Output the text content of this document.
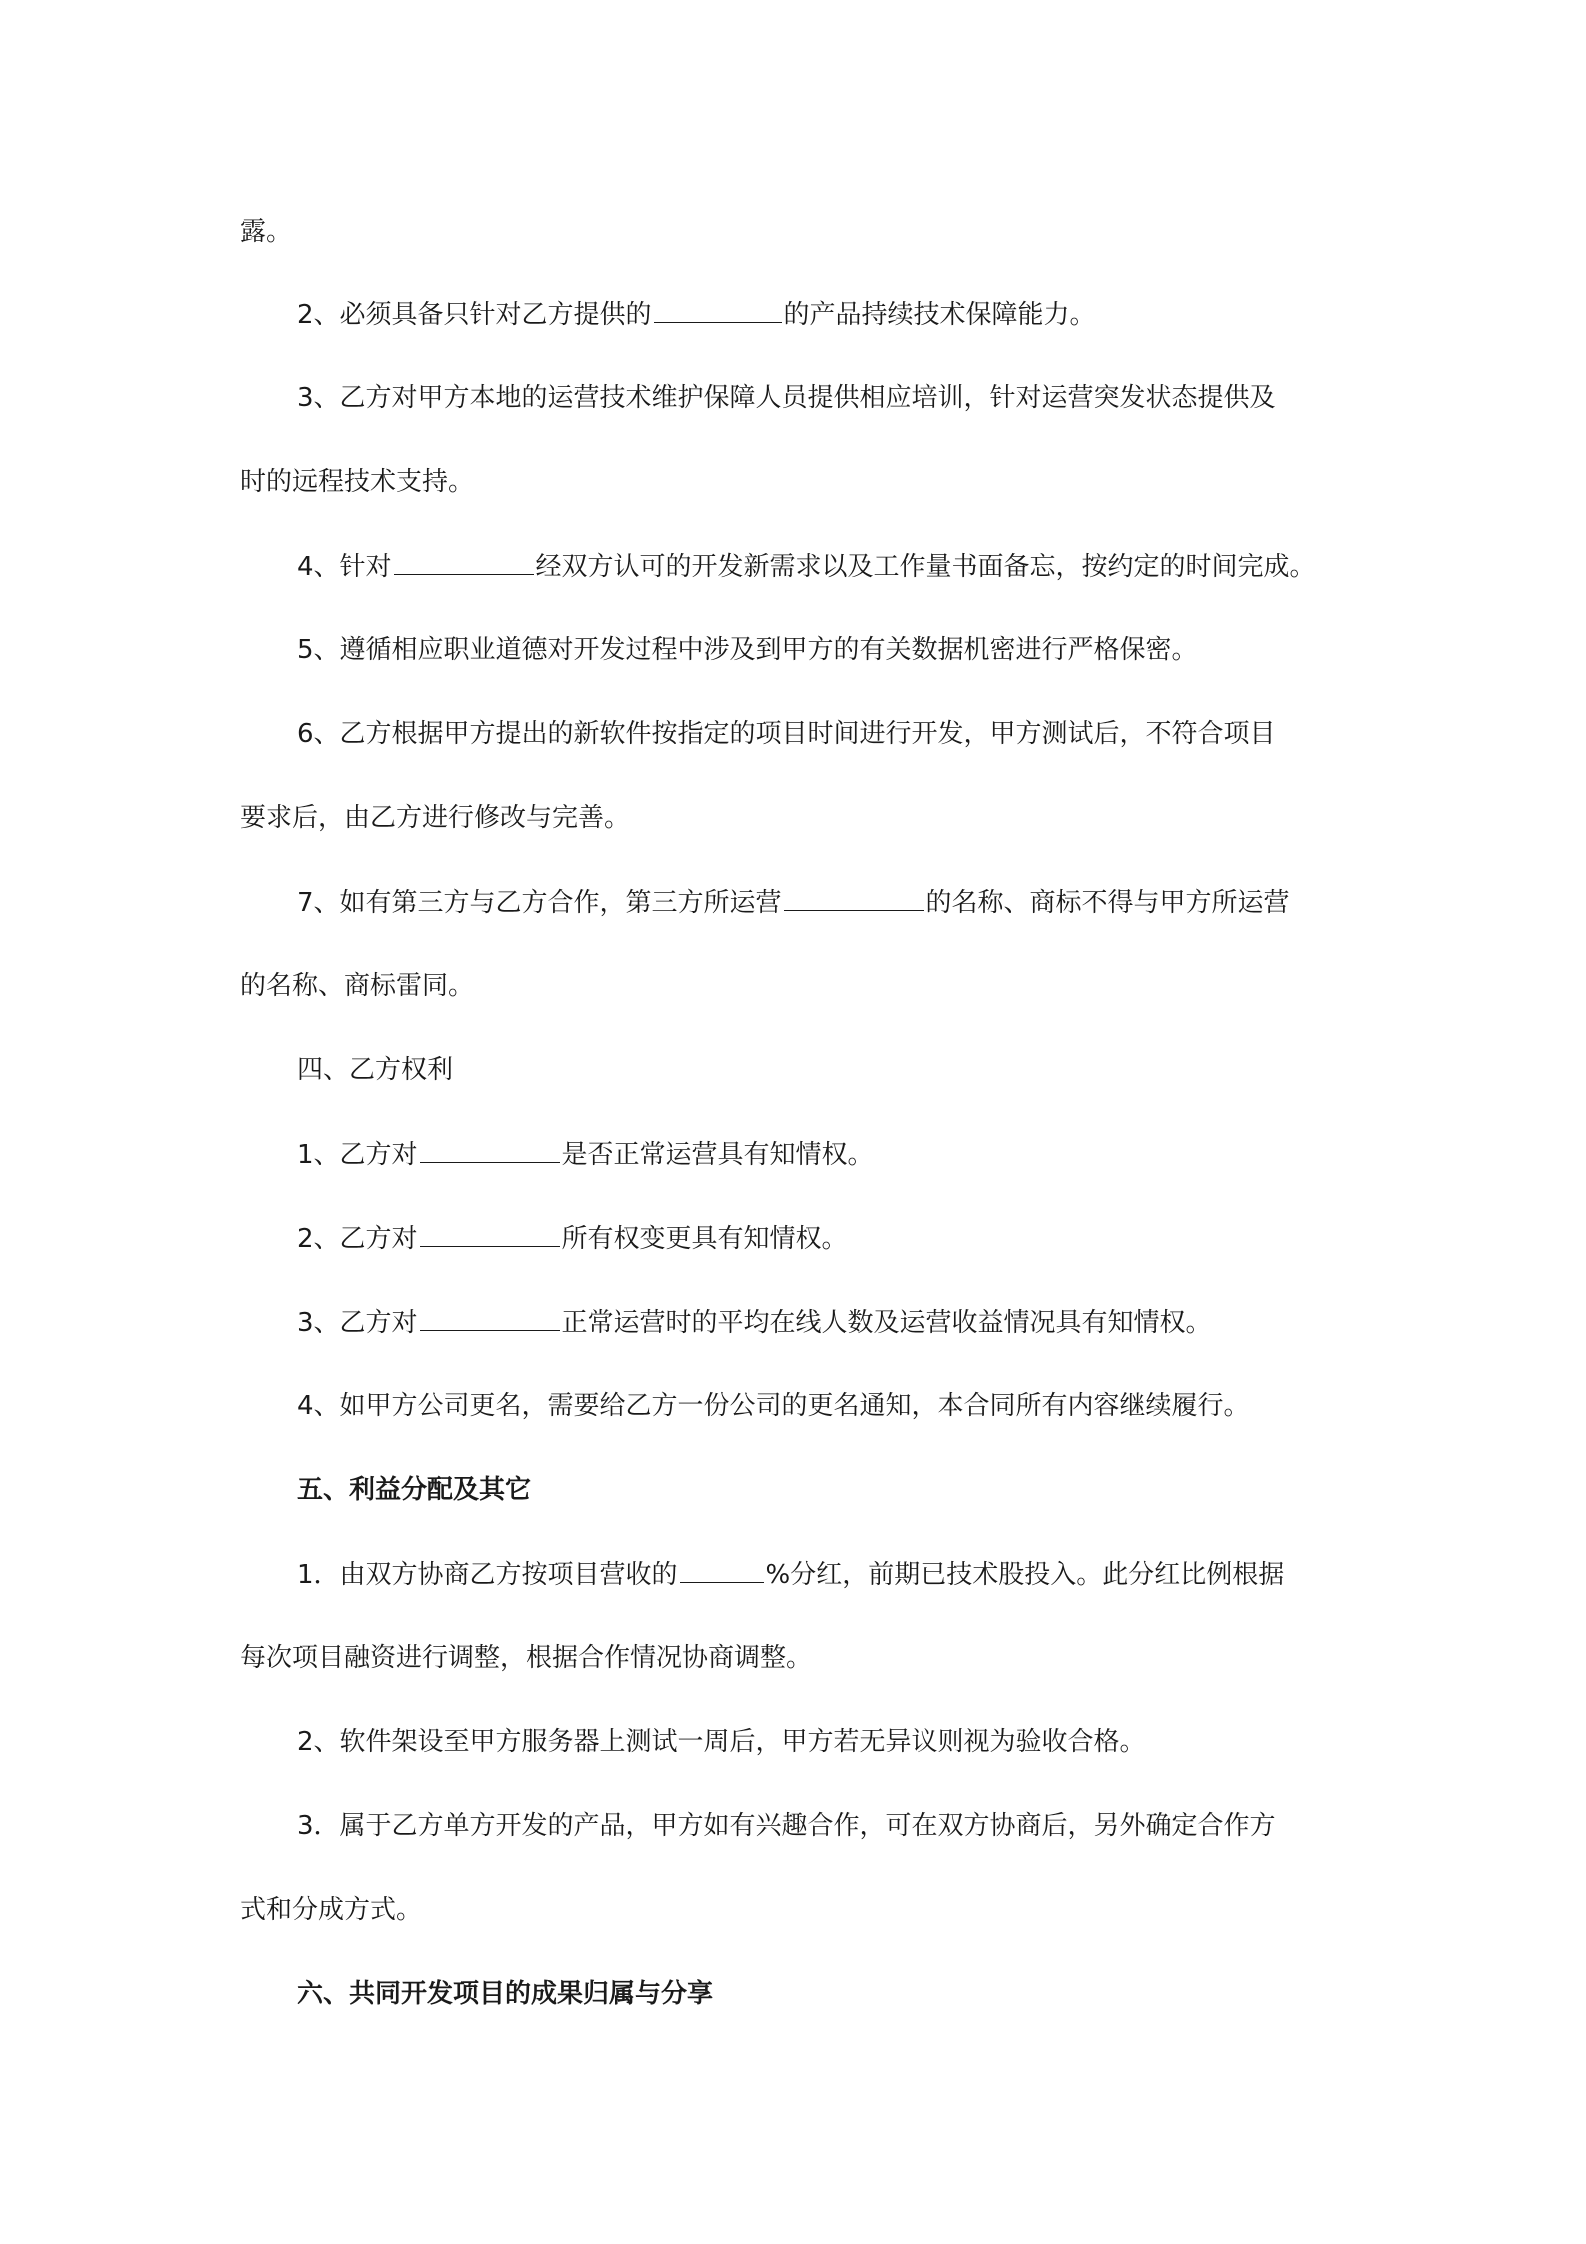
露。
2、必须具备只针对乙方提供的	的产品持续技术保障能力。
3、乙方对甲方本地的运营技术维护保障人员提供相应培训，针对运营突发状态提供及
时的远程技术支持。
4、针对	经双方认可的开发新需求以及工作量书面备忘，按约定的时间完成。
5、遵循相应职业道德对开发过程中涉及到甲方的有关数据机密进行严格保密。
6、乙方根据甲方提出的新软件按指定的项目时间进行开发，甲方测试后，不符合项目
要求后，由乙方进行修改与完善。
7、如有第三方与乙方合作，第三方所运营	的名称、商标不得与甲方所运营
的名称、商标雷同。
四、乙方权利
1、乙方对	是否正常运营具有知情权。
2、乙方对	所有权变更具有知情权。
3、乙方对	正常运营时的平均在线人数及运营收益情况具有知情权。
4、如甲方公司更名，需要给乙方一份公司的更名通知，本合同所有内容继续履行。
五、利益分配及其它
1．由双方协商乙方按项目营收的	%分红，前期已技术股投入。此分红比例根据
每次项目融资进行调整，根据合作情况协商调整。
2、软件架设至甲方服务器上测试一周后，甲方若无异议则视为验收合格。
3．属于乙方单方开发的产品，甲方如有兴趣合作，可在双方协商后，另外确定合作方
式和分成方式。
六、共同开发项目的成果归属与分享
